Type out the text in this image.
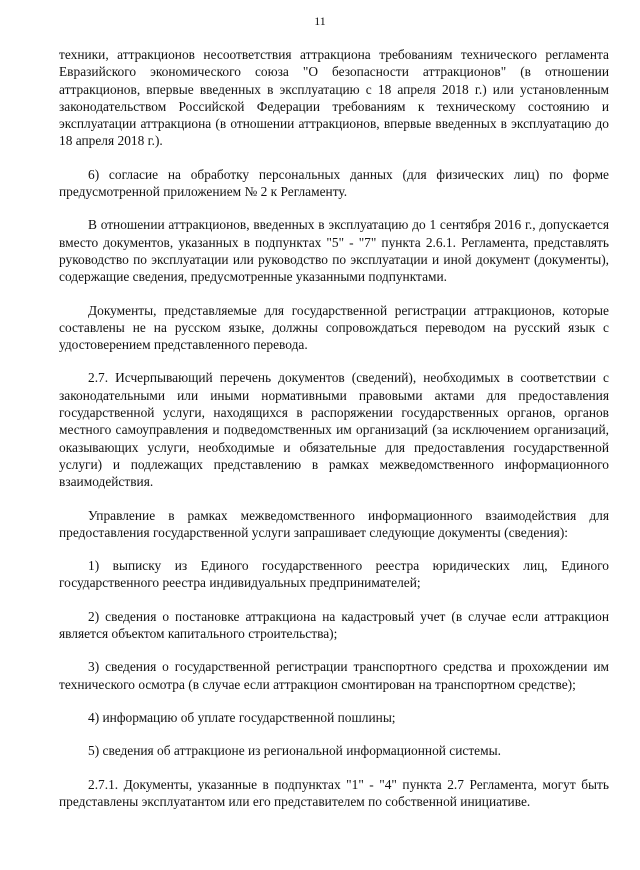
11

техники, аттракционов несоответствия аттракциона требованиям технического регламента Евразийского экономического союза "О безопасности аттракционов" (в отношении аттракционов, впервые введенных в эксплуатацию с 18 апреля 2018 г.) или установленным законодательством Российской Федерации требованиям к техническому состоянию и эксплуатации аттракциона (в отношении аттракционов, впервые введенных в эксплуатацию до 18 апреля 2018 г.).

6) согласие на обработку персональных данных (для физических лиц) по форме предусмотренной приложением № 2 к Регламенту.

В отношении аттракционов, введенных в эксплуатацию до 1 сентября 2016 г., допускается вместо документов, указанных в подпунктах "5" - "7" пункта 2.6.1. Регламента, представлять руководство по эксплуатации или руководство по эксплуатации и иной документ (документы), содержащие сведения, предусмотренные указанными подпунктами.

Документы, представляемые для государственной регистрации аттракционов, которые составлены не на русском языке, должны сопровождаться переводом на русский язык с удостоверением представленного перевода.

2.7. Исчерпывающий перечень документов (сведений), необходимых в соответствии с законодательными или иными нормативными правовыми актами для предоставления государственной услуги, находящихся в распоряжении государственных органов, органов местного самоуправления и подведомственных им организаций (за исключением организаций, оказывающих услуги, необходимые и обязательные для предоставления государственной услуги) и подлежащих представлению в рамках межведомственного информационного взаимодействия.

Управление в рамках межведомственного информационного взаимодействия для предоставления государственной услуги запрашивает следующие документы (сведения):

1) выписку из Единого государственного реестра юридических лиц, Единого государственного реестра индивидуальных предпринимателей;

2) сведения о постановке аттракциона на кадастровый учет (в случае если аттракцион является объектом капитального строительства);

3) сведения о государственной регистрации транспортного средства и прохождении им технического осмотра (в случае если аттракцион смонтирован на транспортном средстве);

4) информацию об уплате государственной пошлины;

5) сведения об аттракционе из региональной информационной системы.

2.7.1. Документы, указанные в подпунктах "1" - "4" пункта 2.7 Регламента, могут быть представлены эксплуатантом или его представителем по собственной инициативе.
